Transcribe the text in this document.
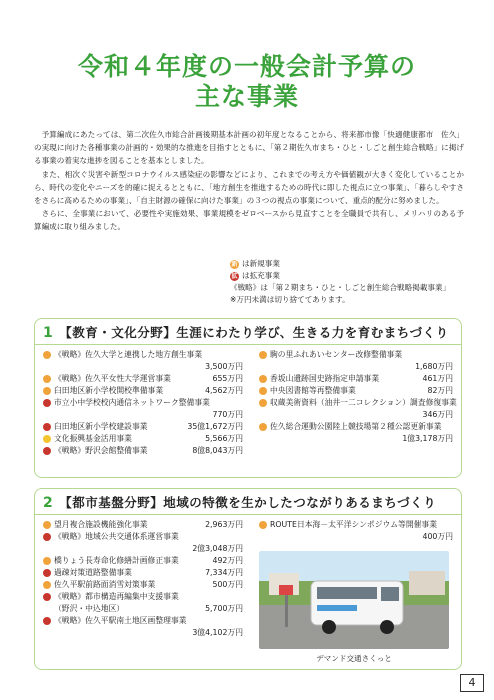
令和４年度の一般会計予算の
主な事業

予算編成にあたっては、第二次佐久市総合計画後期基本計画の初年度となることから、将来都市像「快適健康都市　佐久」の実現に向けた各種事業の計画的・効果的な推進を目指すとともに、「第２期佐久市まち・ひと・しごと創生総合戦略」に掲げる事業の着実な進捗を図ることを基本としました。

また、相次ぐ災害や新型コロナウイルス感染症の影響などにより、これまでの考え方や価値観が大きく変化していることから、時代の変化やニーズを的確に捉えるとともに、「地方創生を推進するための時代に即した視点に立つ事業」、「暮らしやすさをさらに高めるための事業」、「自主財源の確保に向けた事業」の３つの視点の事業について、重点的配分に努めました。

さらに、全事業において、必要性や実施効果、事業規模をゼロベースから見直すことを全職員で共有し、メリハリのある予算編成に取り組みました。

新 は新規事業
拡 は拡充事業
《戦略》は「第２期まち・ひと・しごと創生総合戦略掲載事業」
※万円未満は切り捨ててあります。
1 【教育・文化分野】生涯にわたり学び、生きる力を育むまちづくり
《戦略》佐久大学と連携した地方創生事業
3,500万円
《戦略》佐久平女性大学運営事業	655万円
臼田地区新小学校開校準備事業	4,562万円
市立小中学校校内通信ネットワーク整備事業
770万円
臼田地区新小学校建設事業	35億1,672万円
文化振興基金活用事業	5,566万円
《戦略》野沢会館整備事業	8億8,043万円
駒の里ふれあいセンター改修整備事業
1,680万円
香坂山遺跡国史跡指定申請事業	461万円
中央図書館等再整備事業	82万円
収蔵美術資料（油井一二コレクション）調査修復事業
346万円
佐久総合運動公園陸上競技場第２種公認更新事業
1億3,178万円
2 【都市基盤分野】地域の特徴を生かしたつながりあるまちづくり
望月複合施設機能強化事業	2,963万円
《戦略》地域公共交通体系運営事業
2億3,048万円
橋りょう長寿命化修繕計画修正事業	492万円
過疎対策道路整備事業	7,334万円
佐久平駅前路面消雪対策事業	500万円
《戦略》都市構造再編集中支援事業
（野沢・中込地区）	5,700万円
《戦略》佐久平駅南土地区画整理事業
3億4,102万円
ROUTE日本海－太平洋シンポジウム等開催事業
400万円
デマンド交通さくっと
4
